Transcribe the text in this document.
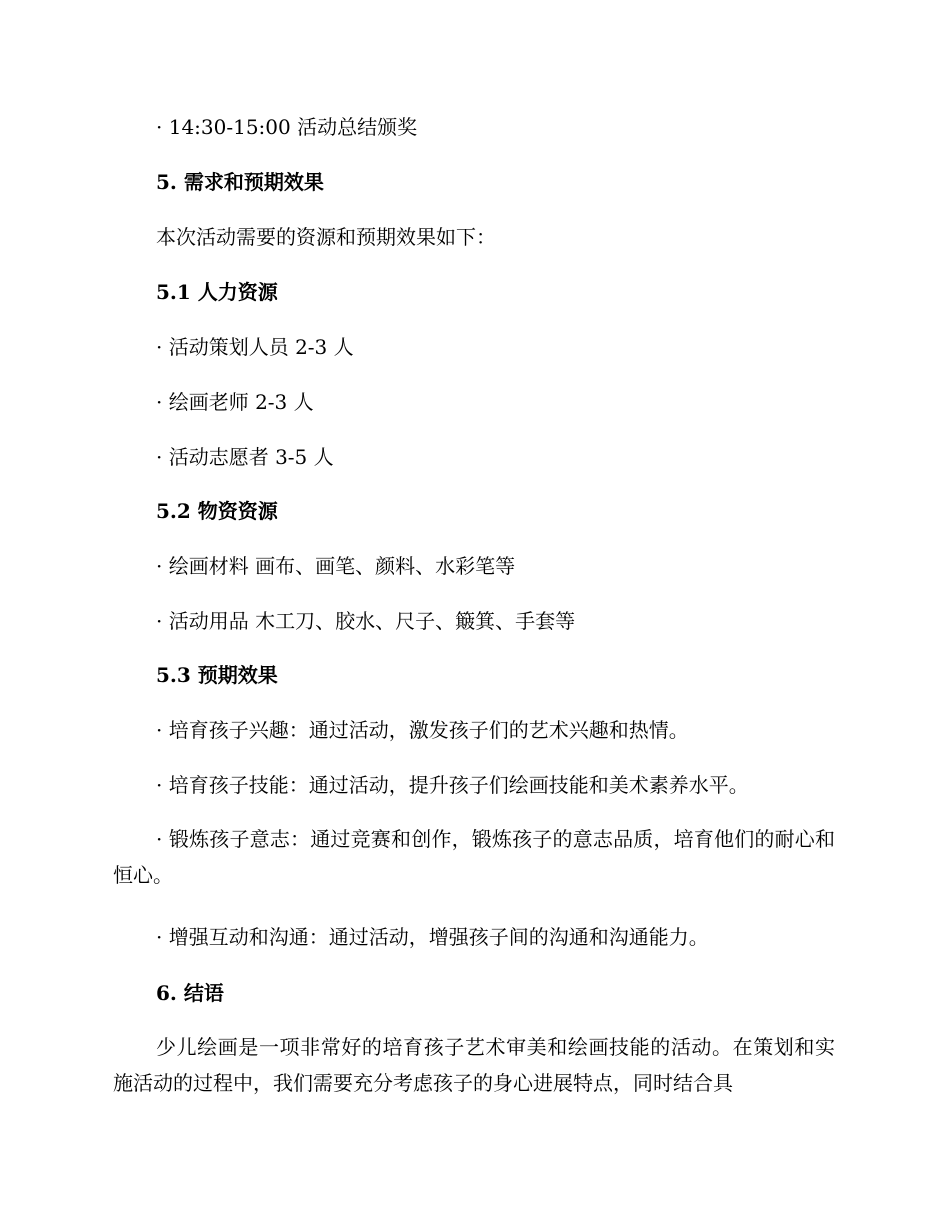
· 14:30-15:00 活动总结颁奖
5. 需求和预期效果
本次活动需要的资源和预期效果如下：
5.1 人力资源
· 活动策划人员 2-3 人
· 绘画老师 2-3 人
· 活动志愿者 3-5 人
5.2 物资资源
· 绘画材料 画布、画笔、颜料、水彩笔等
· 活动用品 木工刀、胶水、尺子、簸箕、手套等
5.3 预期效果
· 培育孩子兴趣：通过活动，激发孩子们的艺术兴趣和热情。
· 培育孩子技能：通过活动，提升孩子们绘画技能和美术素养水平。
· 锻炼孩子意志：通过竞赛和创作，锻炼孩子的意志品质，培育他们的耐心和恒心。
· 增强互动和沟通：通过活动，增强孩子间的沟通和沟通能力。
6. 结语
少儿绘画是一项非常好的培育孩子艺术审美和绘画技能的活动。在策划和实施活动的过程中，我们需要充分考虑孩子的身心进展特点，同时结合具
